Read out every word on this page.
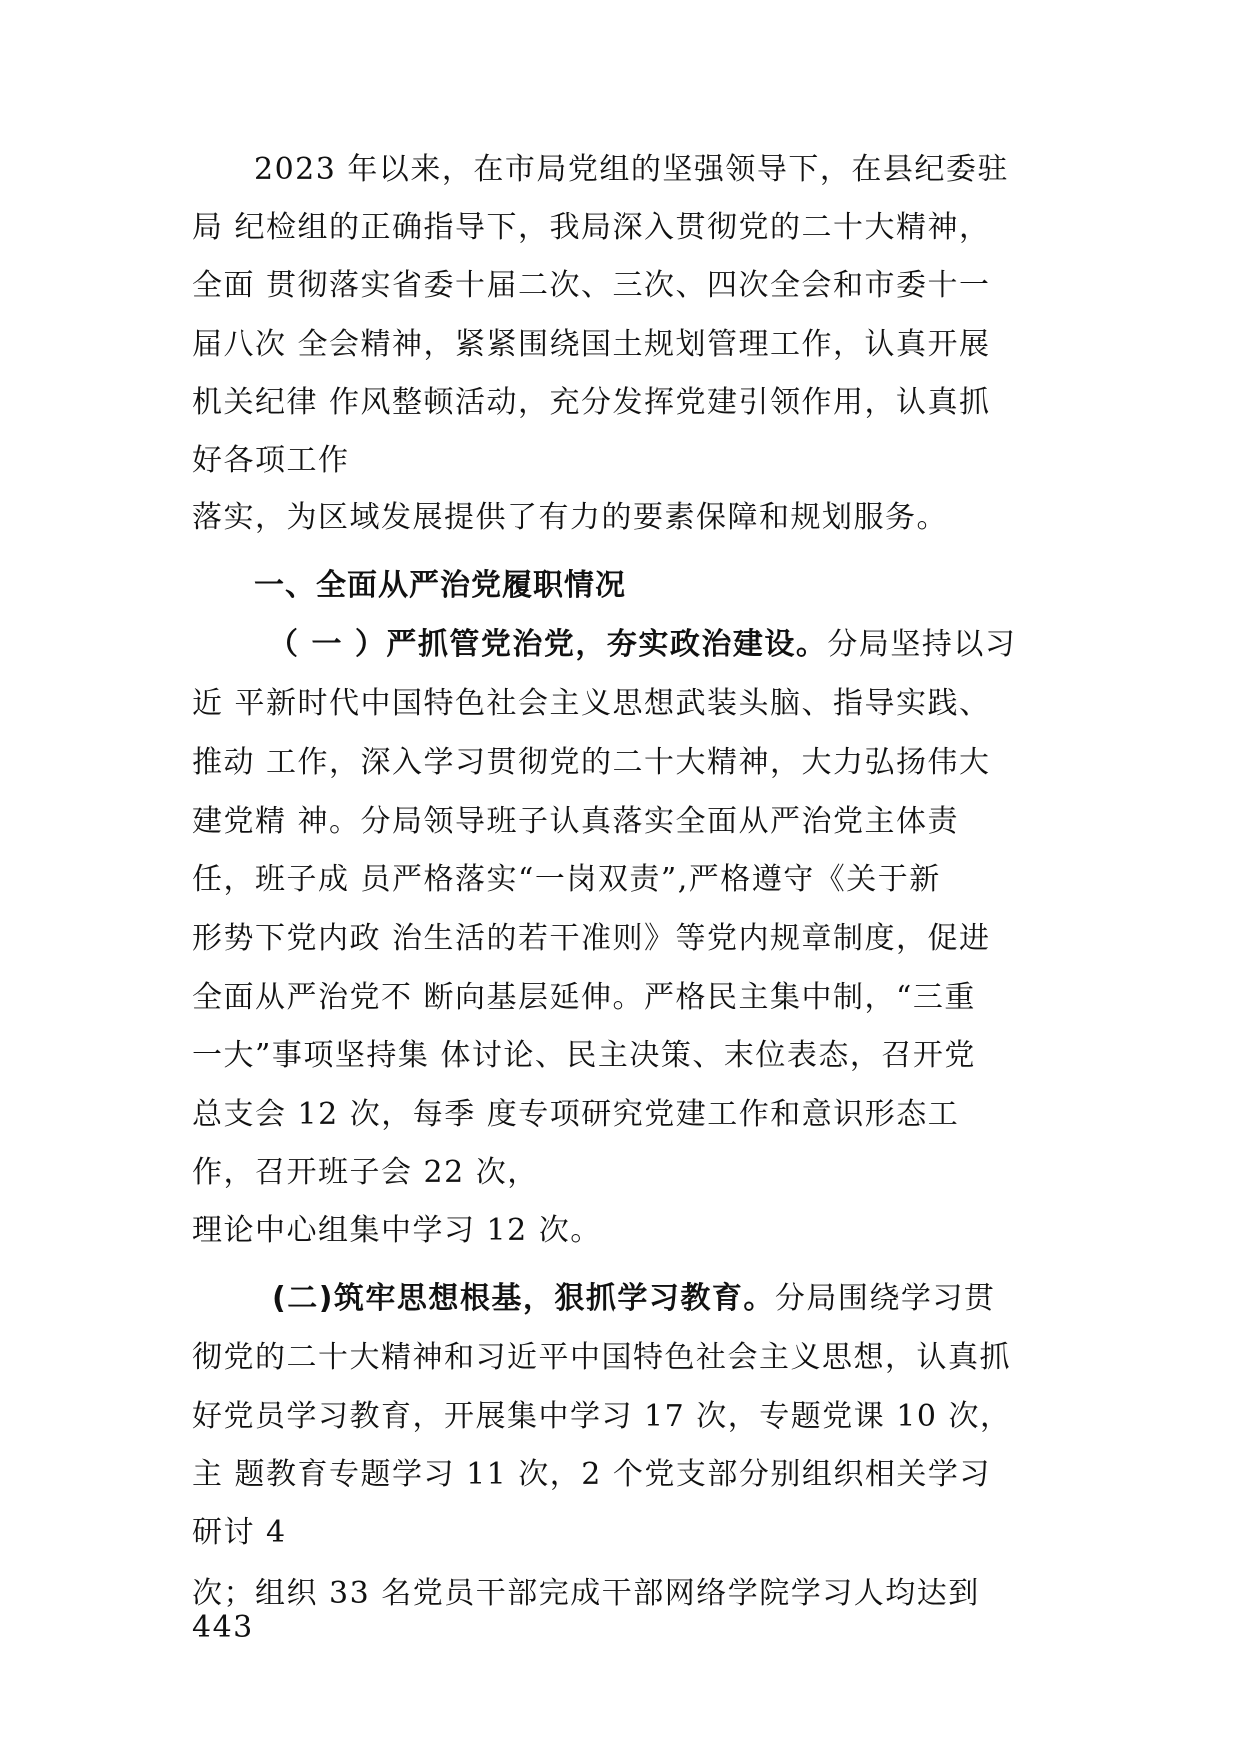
2023 年以来，在市局党组的坚强领导下，在县纪委驻
局 纪检组的正确指导下，我局深入贯彻党的二十大精神，
全面 贯彻落实省委十届二次、三次、四次全会和市委十一
届八次 全会精神，紧紧围绕国土规划管理工作，认真开展
机关纪律 作风整顿活动，充分发挥党建引领作用，认真抓
好各项工作
落实，为区域发展提供了有力的要素保障和规划服务。
一、全面从严治党履职情况
（ 一 ）严抓管党治党，夯实政治建设。分局坚持以习
近 平新时代中国特色社会主义思想武装头脑、指导实践、
推动 工作，深入学习贯彻党的二十大精神，大力弘扬伟大
建党精 神。分局领导班子认真落实全面从严治党主体责
任，班子成 员严格落实“一岗双责”,严格遵守《关于新
形势下党内政 治生活的若干准则》等党内规章制度，促进
全面从严治党不 断向基层延伸。严格民主集中制，“三重
一大”事项坚持集 体讨论、民主决策、末位表态，召开党
总支会 12 次，每季 度专项研究党建工作和意识形态工
作，召开班子会 22 次，
理论中心组集中学习 12 次。
(二)筑牢思想根基，狠抓学习教育。分局围绕学习贯
彻党的二十大精神和习近平中国特色社会主义思想，认真抓
好党员学习教育，开展集中学习 17 次，专题党课 10 次，
主 题教育专题学习 11 次，2 个党支部分别组织相关学习
研讨 4
次；组织 33 名党员干部完成干部网络学院学习人均达到
443
